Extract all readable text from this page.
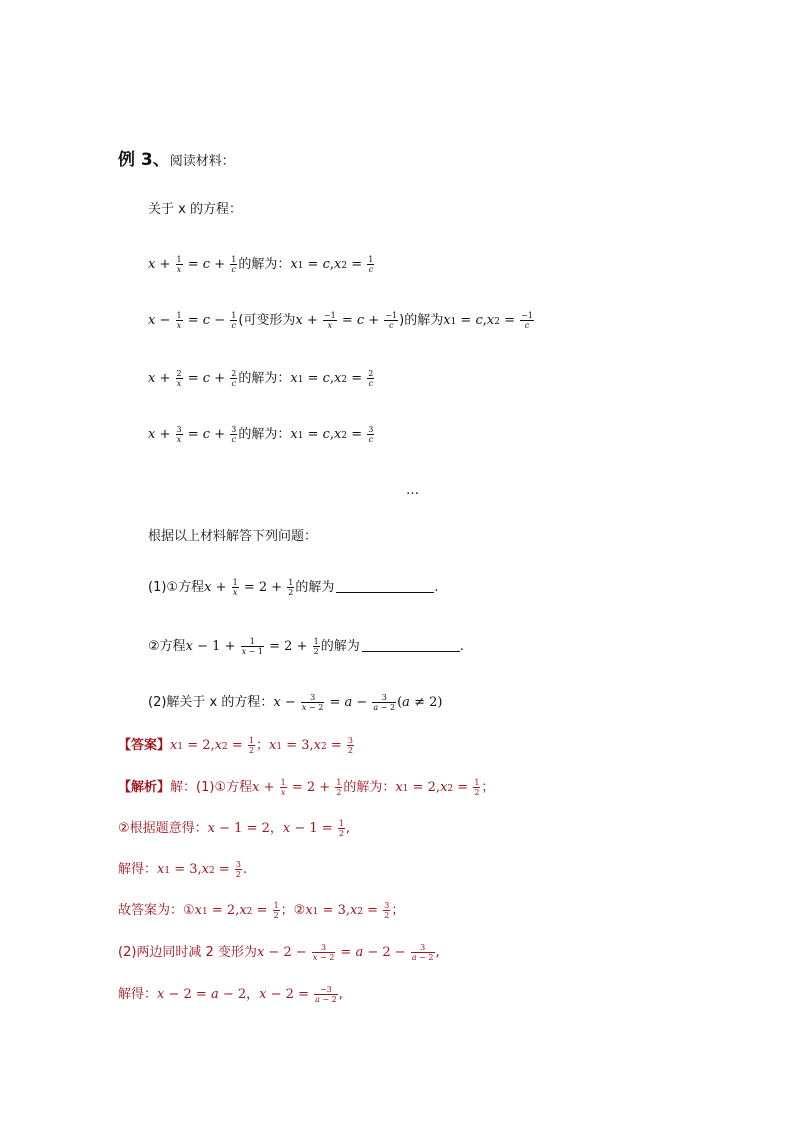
例 3、阅读材料：
关于 x 的方程：
$x + \frac{1}{x} = c + \frac{1}{c}$ 的解为：$x1 = c,x2 = \frac{1}{c}$
$x - \frac{1}{x} = c - \frac{1}{c}$ (可变形为$x + \frac{-1}{x} = c + \frac{-1}{c}$ )的解为$x1 = c,x2 = \frac{-1}{c}$
$x + \frac{2}{x} = c + \frac{2}{c}$ 的解为：$x1 = c,x2 = \frac{2}{c}$
$x + \frac{3}{x} = c + \frac{3}{c}$ 的解为：$x1 = c,x2 = \frac{3}{c}$
…
根据以上材料解答下列问题：
(1)①方程$x + \frac{1}{x} = 2 + \frac{1}{2}$ 的解为	.
②方程$x - 1 + \frac{1}{x - 1} = 2 + \frac{1}{2}$ 的解为	.
(2)解关于 x 的方程：$x - \frac{3}{x - 2} = a - \frac{3}{a - 2} (a \ne 2)$
【答案】$x1 = 2,x2 = \frac{1}{2}$ ；$x1 = 3,x2 = \frac{3}{2}$
【解析】解：(1)①方程$x + \frac{1}{x} = 2 + \frac{1}{2}$ 的解为：$x1 = 2,x2 = \frac{1}{2}$ ；
②根据题意得：x − 1 = 2，$x - 1 = \frac{1}{2}$ ,
解得：$x1 = 3,x2 = \frac{3}{2}$ .
故答案为：①x1 = $2,x2 = \frac{1}{2}$ ；②x1 = $3,x2 = \frac{3}{2}$ ；
(2)两边同时减 2 变形为$x - 2 - \frac{3}{x - 2} = a - 2 - \frac{3}{a - 2}$ ,
解得：x − 2 = a − 2，$x - 2 = \frac{-3}{a - 2}$ ,
